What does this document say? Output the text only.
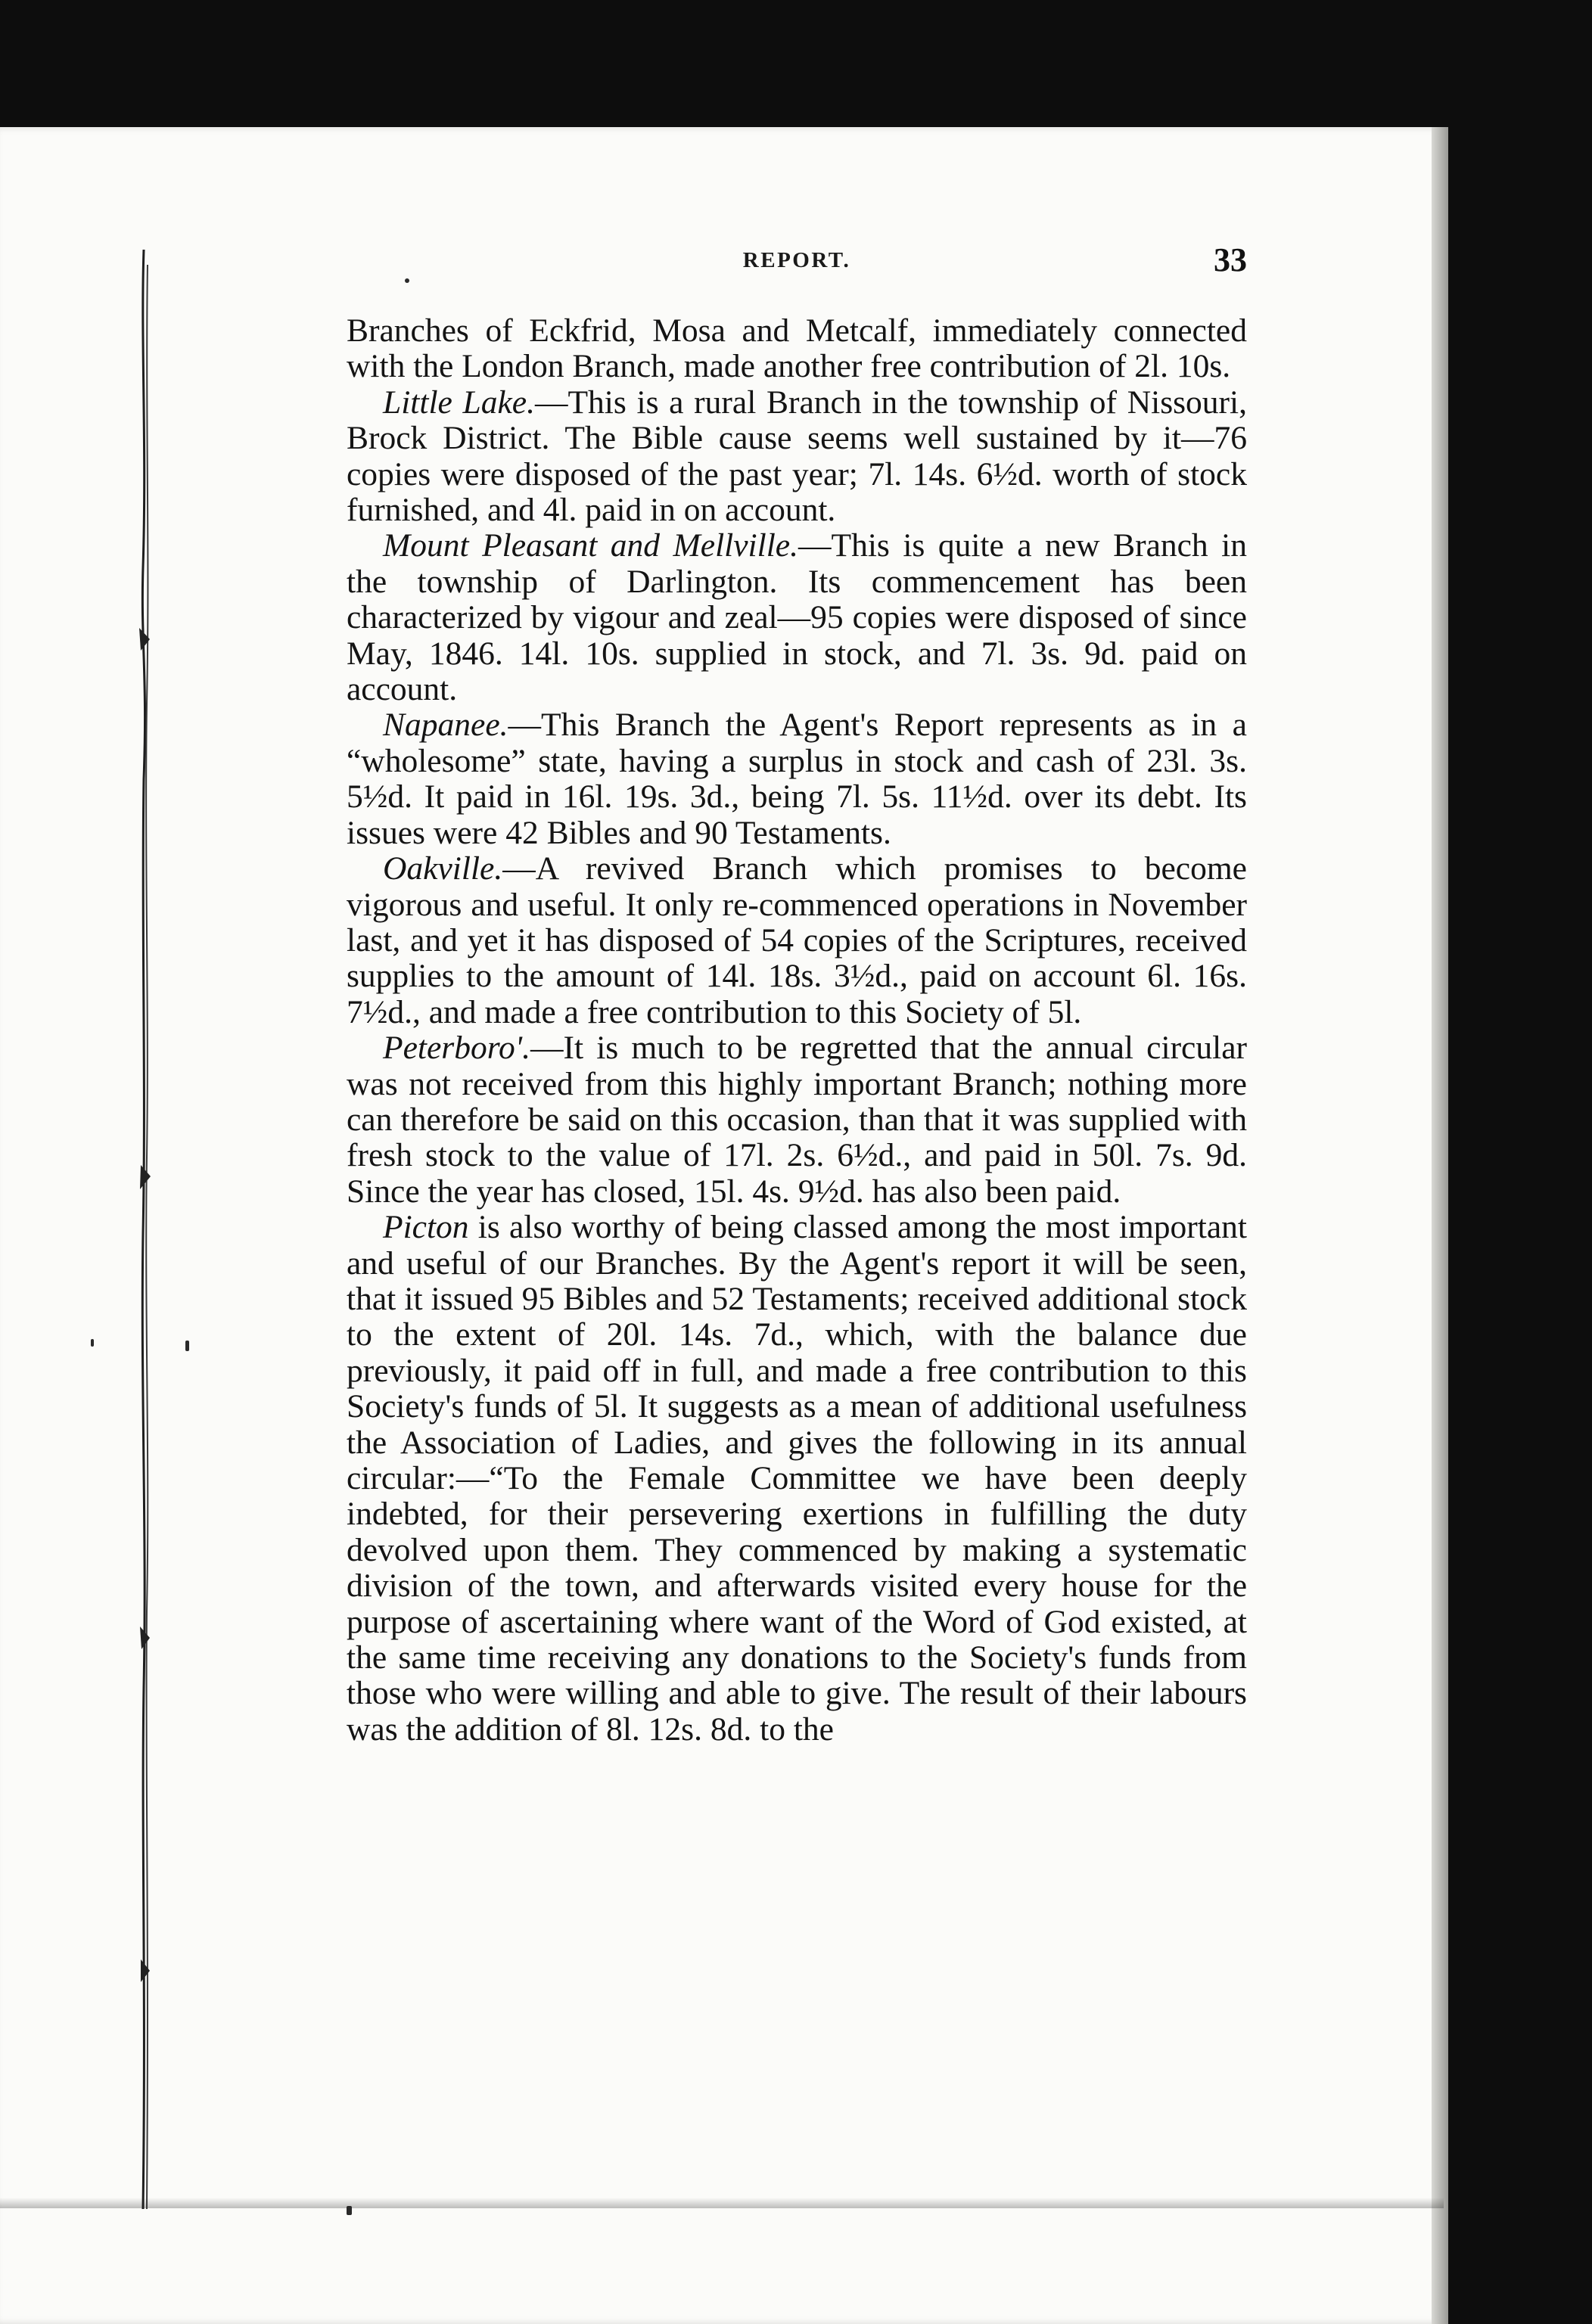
REPORT.	33

Branches of Eckfrid, Mosa and Metcalf, immediately connected with the London Branch, made another free contribution of 2l. 10s.

Little Lake.—This is a rural Branch in the township of Nissouri, Brock District. The Bible cause seems well sustained by it—76 copies were disposed of the past year; 7l. 14s. 6½d. worth of stock furnished, and 4l. paid in on account.

Mount Pleasant and Mellville.—This is quite a new Branch in the township of Darlington. Its commencement has been characterized by vigour and zeal—95 copies were disposed of since May, 1846. 14l. 10s. supplied in stock, and 7l. 3s. 9d. paid on account.

Napanee.—This Branch the Agent's Report represents as in a “wholesome” state, having a surplus in stock and cash of 23l. 3s. 5½d. It paid in 16l. 19s. 3d., being 7l. 5s. 11½d. over its debt. Its issues were 42 Bibles and 90 Testaments.

Oakville.—A revived Branch which promises to become vigorous and useful. It only re-commenced operations in November last, and yet it has disposed of 54 copies of the Scriptures, received supplies to the amount of 14l. 18s. 3½d., paid on account 6l. 16s. 7½d., and made a free contribution to this Society of 5l.

Peterboro'.—It is much to be regretted that the annual circular was not received from this highly important Branch; nothing more can therefore be said on this occasion, than that it was supplied with fresh stock to the value of 17l. 2s. 6½d., and paid in 50l. 7s. 9d. Since the year has closed, 15l. 4s. 9½d. has also been paid.

Picton is also worthy of being classed among the most important and useful of our Branches. By the Agent's report it will be seen, that it issued 95 Bibles and 52 Testaments; received additional stock to the extent of 20l. 14s. 7d., which, with the balance due previously, it paid off in full, and made a free contribution to this Society's funds of 5l. It suggests as a mean of additional usefulness the Association of Ladies, and gives the following in its annual circular:—“To the Female Committee we have been deeply indebted, for their persevering exertions in fulfilling the duty devolved upon them. They commenced by making a systematic division of the town, and afterwards visited every house for the purpose of ascertaining where want of the Word of God existed, at the same time receiving any donations to the Society's funds from those who were willing and able to give. The result of their labours was the addition of 8l. 12s. 8d. to the
